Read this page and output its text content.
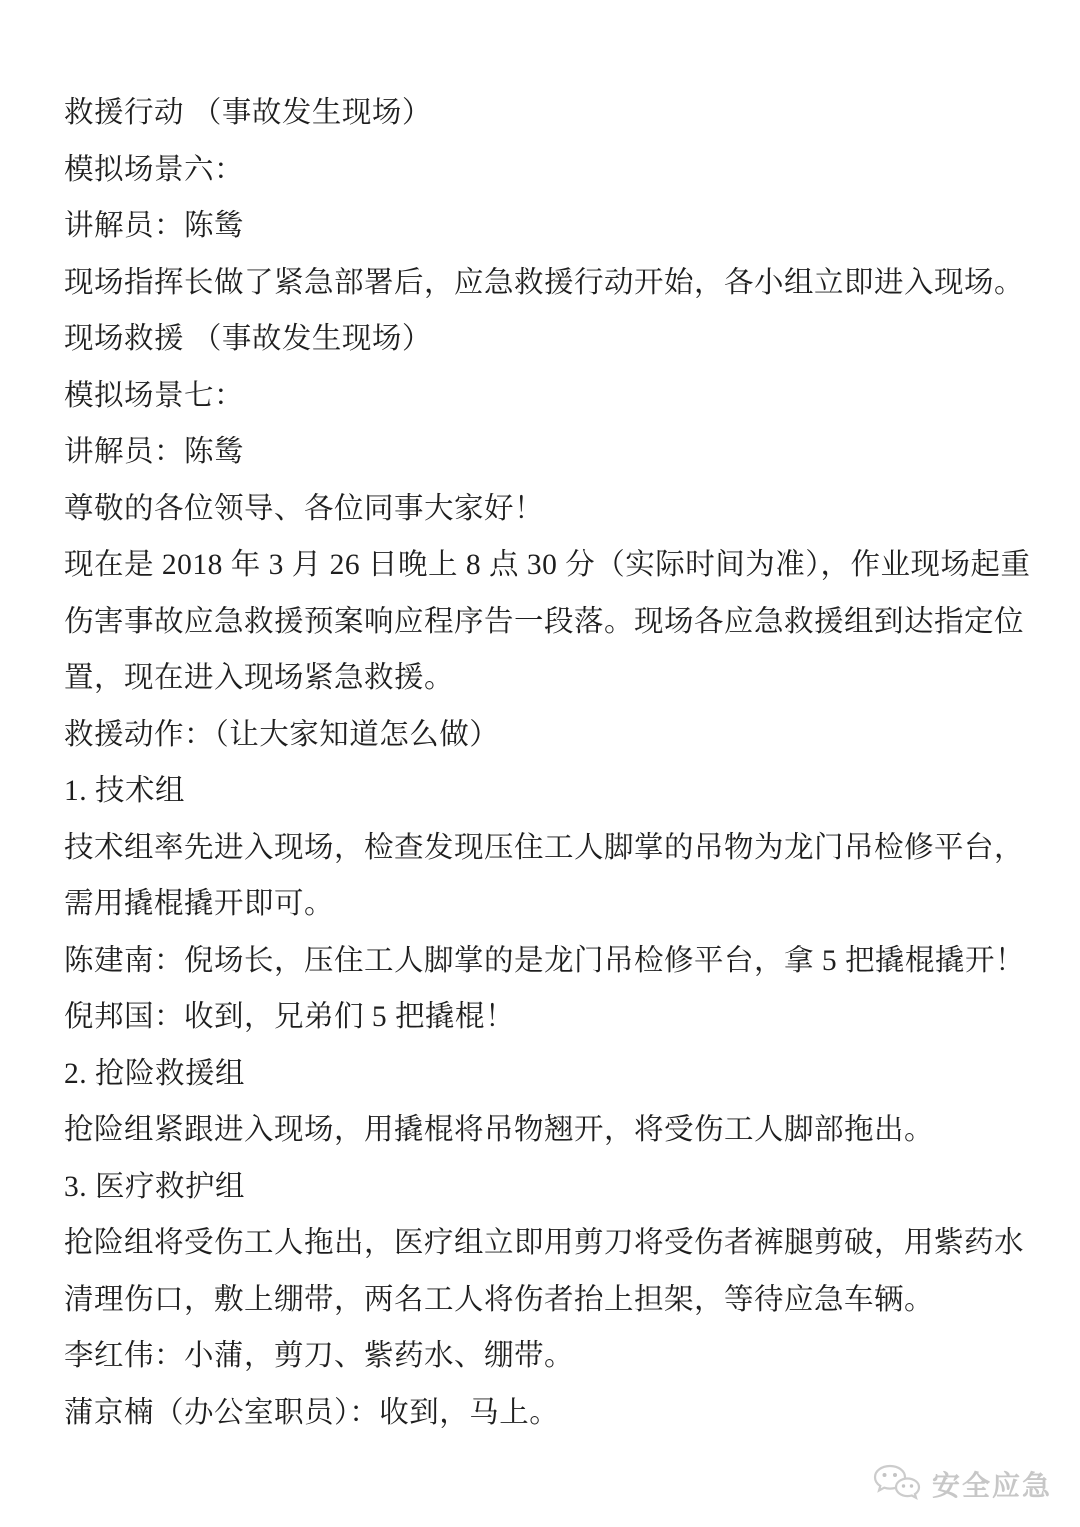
救援行动 （事故发生现场）
模拟场景六：
讲解员：陈鸶
现场指挥长做了紧急部署后，应急救援行动开始，各小组立即进入现场。
现场救援 （事故发生现场）
模拟场景七：
讲解员：陈鸶
尊敬的各位领导、各位同事大家好！
现在是 2018 年 3 月 26 日晚上 8 点 30 分（实际时间为准），作业现场起重
伤害事故应急救援预案响应程序告一段落。现场各应急救援组到达指定位
置，现在进入现场紧急救援。
救援动作：（让大家知道怎么做）
1. 技术组
技术组率先进入现场，检查发现压住工人脚掌的吊物为龙门吊检修平台，
需用撬棍撬开即可。
陈建南：倪场长，压住工人脚掌的是龙门吊检修平台，拿 5 把撬棍撬开！
倪邦国：收到，兄弟们 5 把撬棍！
2. 抢险救援组
抢险组紧跟进入现场，用撬棍将吊物翘开，将受伤工人脚部拖出。
3. 医疗救护组
抢险组将受伤工人拖出，医疗组立即用剪刀将受伤者裤腿剪破，用紫药水
清理伤口，敷上绷带，两名工人将伤者抬上担架，等待应急车辆。
李红伟：小蒲，剪刀、紫药水、绷带。
蒲京楠（办公室职员）：收到，马上。
安全应急
